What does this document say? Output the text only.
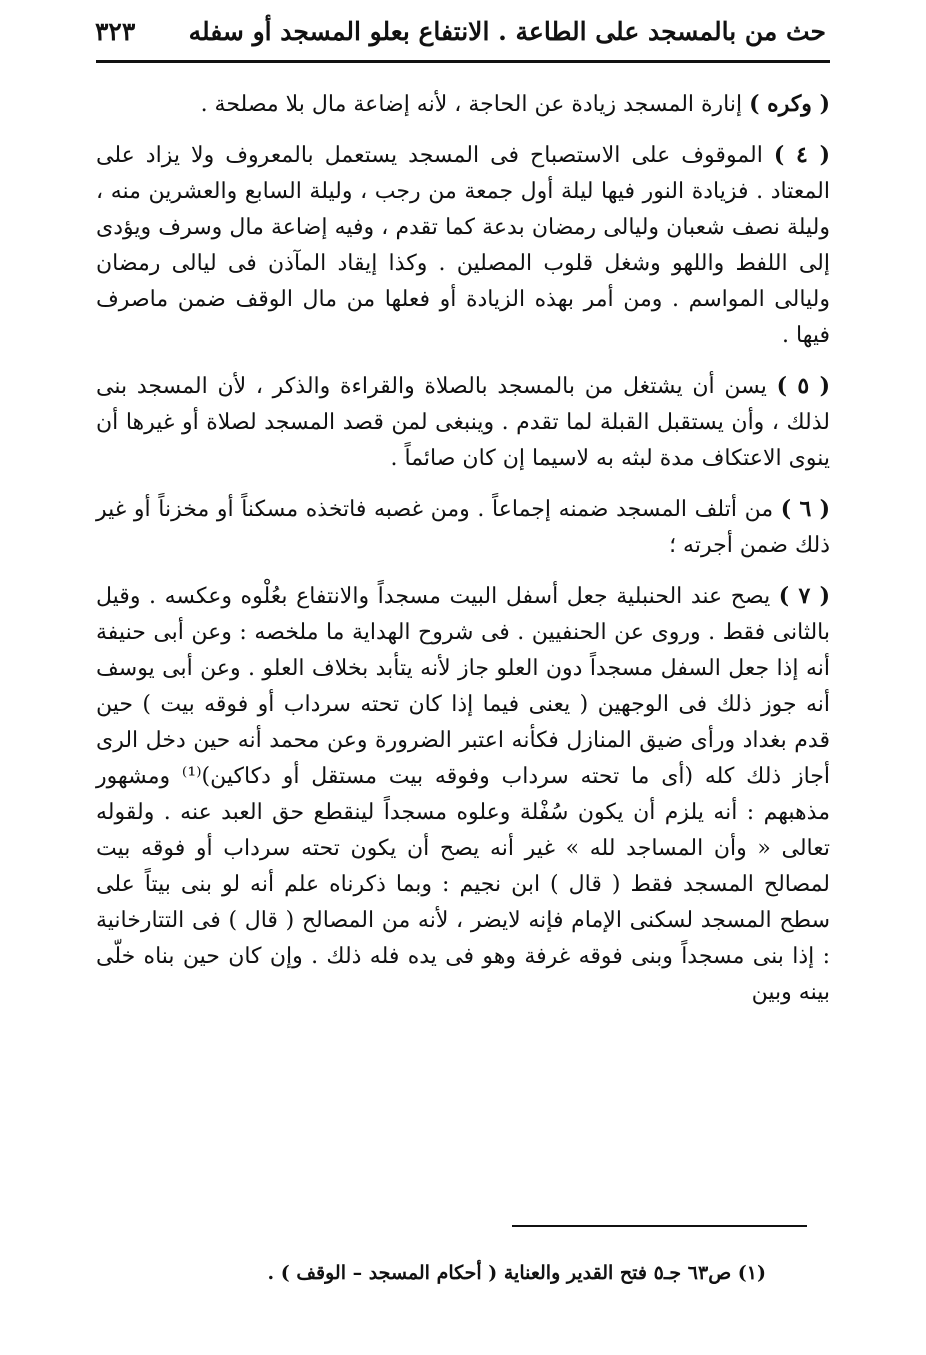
حث من بالمسجد على الطاعة . الانتفاع بعلو المسجد أو سفله
٣٢٣

( وكره ) إنارة المسجد زيادة عن الحاجة ، لأنه إضاعة مال بلا مصلحة .

( ٤ ) الموقوف على الاستصباح فى المسجد يستعمل بالمعروف ولا يزاد على المعتاد . فزيادة النور فيها ليلة أول جمعة من رجب ، وليلة السابع والعشرين منه ، وليلة نصف شعبان وليالى رمضان بدعة كما تقدم ، وفيه إضاعة مال وسرف ويؤدى إلى اللفط واللهو وشغل قلوب المصلين . وكذا إيقاد المآذن فى ليالى رمضان وليالى المواسم . ومن أمر بهذه الزيادة أو فعلها من مال الوقف ضمن ماصرف فيها .

( ٥ ) يسن أن يشتغل من بالمسجد بالصلاة والقراءة والذكر ، لأن المسجد بنى لذلك ، وأن يستقبل القبلة لما تقدم . وينبغى لمن قصد المسجد لصلاة أو غيرها أن ينوى الاعتكاف مدة لبثه به لاسيما إن كان صائماً .

( ٦ ) من أتلف المسجد ضمنه إجماعاً . ومن غصبه فاتخذه مسكناً أو مخزناً أو غير ذلك ضمن أجرته ؛

( ٧ ) يصح عند الحنبلية جعل أسفل البيت مسجداً والانتفاع بعُلْوه وعكسه . وقيل بالثانى فقط . وروى عن الحنفيين . فى شروح الهداية ما ملخصه : وعن أبى حنيفة أنه إذا جعل السفل مسجداً دون العلو جاز لأنه يتأبد بخلاف العلو . وعن أبى يوسف أنه جوز ذلك فى الوجهين ( يعنى فيما إذا كان تحته سرداب أو فوقه بيت ) حين قدم بغداد ورأى ضيق المنازل فكأنه اعتبر الضرورة وعن محمد أنه حين دخل الرى أجاز ذلك كله (أى ما تحته سرداب وفوقه بيت مستقل أو دكاكين)⁽¹⁾ ومشهور مذهبهم : أنه يلزم أن يكون سُفْلة وعلوه مسجداً لينقطع حق العبد عنه . ولقوله تعالى « وأن المساجد لله » غير أنه يصح أن يكون تحته سرداب أو فوقه بيت لمصالح المسجد فقط ( قال ) ابن نجيم : وبما ذكرناه علم أنه لو بنى بيتاً على سطح المسجد لسكنى الإمام فإنه لايضر ، لأنه من المصالح ( قال ) فى التتارخانية : إذا بنى مسجداً وبنى فوقه غرفة وهو فى يده فله ذلك . وإن كان حين بناه خلّى بينه وبين

(١) ص٦٣ جـ٥ فتح القدير والعناية ( أحكام المسجد – الوقف ) .
